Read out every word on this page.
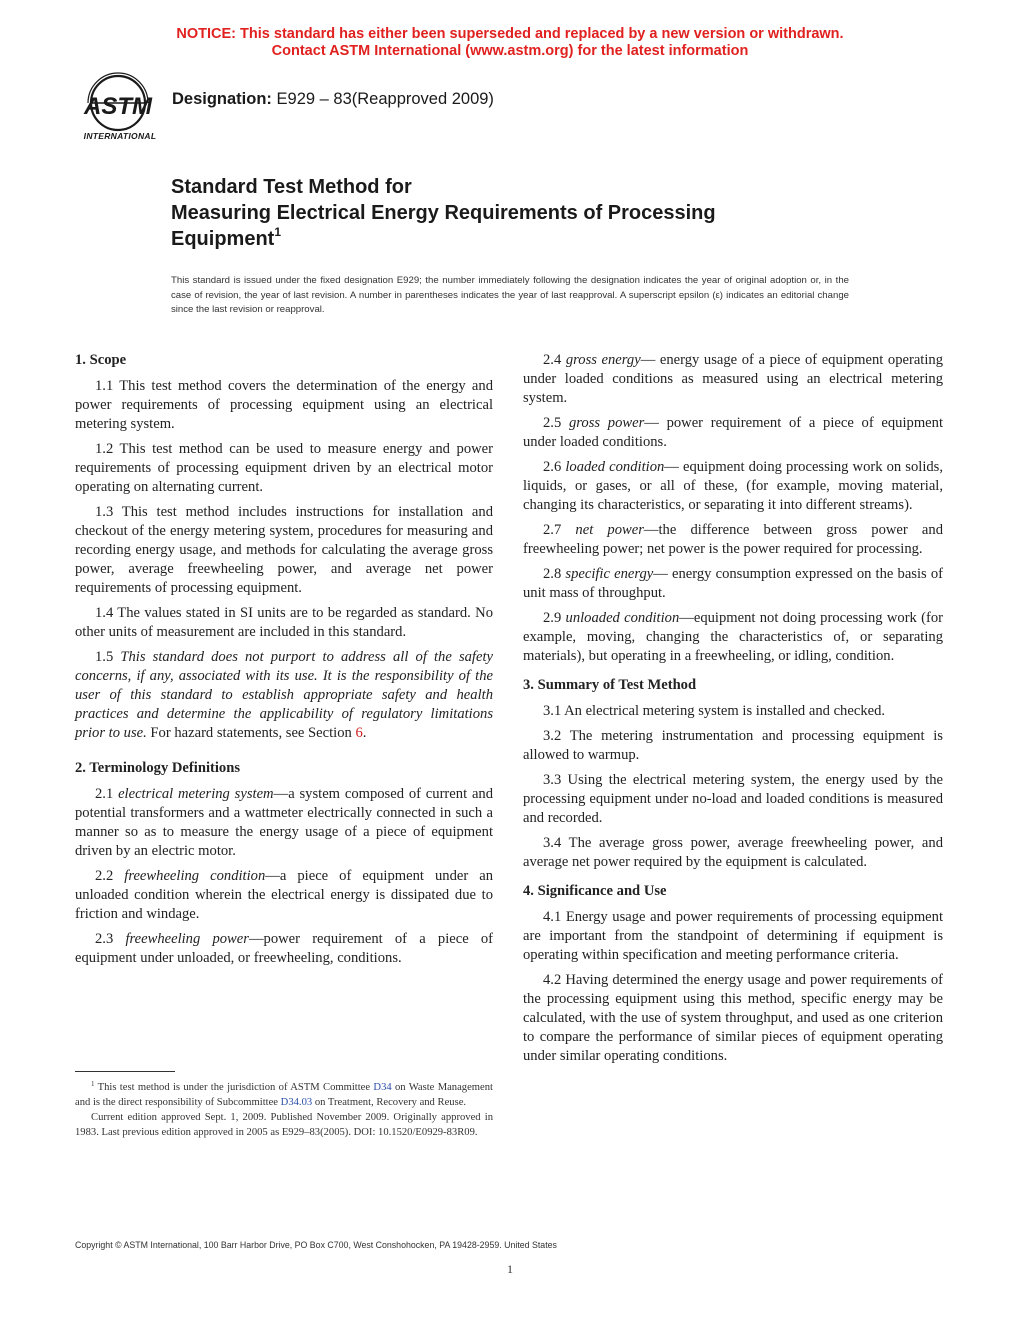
NOTICE: This standard has either been superseded and replaced by a new version or withdrawn.
Contact ASTM International (www.astm.org) for the latest information
ASTM
INTERNATIONAL
Designation: E929 – 83(Reapproved 2009)
Standard Test Method for
Measuring Electrical Energy Requirements of Processing
Equipment$^1$
This standard is issued under the fixed designation E929; the number immediately following the designation indicates the year of original adoption or, in the case of revision, the year of last revision. A number in parentheses indicates the year of last reapproval. A superscript epsilon (ε) indicates an editorial change since the last revision or reapproval.
1. Scope

1.1 This test method covers the determination of the energy and power requirements of processing equipment using an electrical metering system.

1.2 This test method can be used to measure energy and power requirements of processing equipment driven by an electrical motor operating on alternating current.

1.3 This test method includes instructions for installation and checkout of the energy metering system, procedures for measuring and recording energy usage, and methods for calculating the average gross power, average freewheeling power, and average net power requirements of processing equipment.

1.4 The values stated in SI units are to be regarded as standard. No other units of measurement are included in this standard.

1.5 This standard does not purport to address all of the safety concerns, if any, associated with its use. It is the responsibility of the user of this standard to establish appropriate safety and health practices and determine the applicability of regulatory limitations prior to use. For hazard statements, see Section 6.

2. Terminology Definitions

2.1 electrical metering system—a system composed of current and potential transformers and a wattmeter electrically connected in such a manner so as to measure the energy usage of a piece of equipment driven by an electric motor.

2.2 freewheeling condition—a piece of equipment under an unloaded condition wherein the electrical energy is dissipated due to friction and windage.

2.3 freewheeling power—power requirement of a piece of equipment under unloaded, or freewheeling, conditions.

2.4 gross energy— energy usage of a piece of equipment operating under loaded conditions as measured using an electrical metering system.

2.5 gross power— power requirement of a piece of equipment under loaded conditions.

2.6 loaded condition— equipment doing processing work on solids, liquids, or gases, or all of these, (for example, moving material, changing its characteristics, or separating it into different streams).

2.7 net power—the difference between gross power and freewheeling power; net power is the power required for processing.

2.8 specific energy— energy consumption expressed on the basis of unit mass of throughput.

2.9 unloaded condition—equipment not doing processing work (for example, moving, changing the characteristics of, or separating materials), but operating in a freewheeling, or idling, condition.

3. Summary of Test Method

3.1 An electrical metering system is installed and checked.

3.2 The metering instrumentation and processing equipment is allowed to warmup.

3.3 Using the electrical metering system, the energy used by the processing equipment under no-load and loaded conditions is measured and recorded.

3.4 The average gross power, average freewheeling power, and average net power required by the equipment is calculated.

4. Significance and Use

4.1 Energy usage and power requirements of processing equipment are important from the standpoint of determining if equipment is operating within specification and meeting performance criteria.

4.2 Having determined the energy usage and power requirements of the processing equipment using this method, specific energy may be calculated, with the use of system throughput, and used as one criterion to compare the performance of similar pieces of equipment operating under similar operating conditions.

$^1$ This test method is under the jurisdiction of ASTM Committee D34 on Waste Management and is the direct responsibility of Subcommittee D34.03 on Treatment, Recovery and Reuse.

Current edition approved Sept. 1, 2009. Published November 2009. Originally approved in 1983. Last previous edition approved in 2005 as E929–83(2005). DOI: 10.1520/E0929-83R09.

Copyright © ASTM International, 100 Barr Harbor Drive, PO Box C700, West Conshohocken, PA 19428-2959. United States
1
